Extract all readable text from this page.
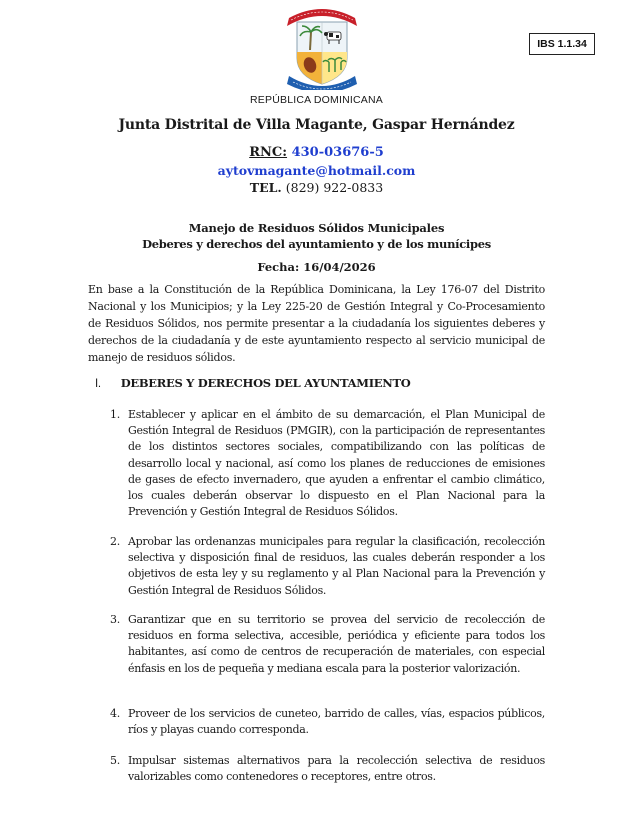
IBS 1.1.34
REPÚBLICA DOMINICANA
Junta Distrital de Villa Magante, Gaspar Hernández
RNC: 430-03676-5
aytovmagante@hotmail.com
TEL. (829) 922-0833
Manejo de Residuos Sólidos Municipales
Deberes y derechos del ayuntamiento y de los munícipes
Fecha: 16/04/2026
En base a la Constitución de la República Dominicana, la Ley 176-07 del Distrito Nacional y los Municipios; y la Ley 225-20 de Gestión Integral y Co-Procesamiento de Residuos Sólidos, nos permite presentar a la ciudadanía los siguientes deberes y derechos de la ciudadanía y de este ayuntamiento respecto al servicio municipal de manejo de residuos sólidos.
I. DEBERES Y DERECHOS DEL AYUNTAMIENTO
1. Establecer y aplicar en el ámbito de su demarcación, el Plan Municipal de Gestión Integral de Residuos (PMGIR), con la participación de representantes de los distintos sectores sociales, compatibilizando con las políticas de desarrollo local y nacional, así como los planes de reducciones de emisiones de gases de efecto invernadero, que ayuden a enfrentar el cambio climático, los cuales deberán observar lo dispuesto en el Plan Nacional para la Prevención y Gestión Integral de Residuos Sólidos.
2. Aprobar las ordenanzas municipales para regular la clasificación, recolección selectiva y disposición final de residuos, las cuales deberán responder a los objetivos de esta ley y su reglamento y al Plan Nacional para la Prevención y Gestión Integral de Residuos Sólidos.
3. Garantizar que en su territorio se provea del servicio de recolección de residuos en forma selectiva, accesible, periódica y eficiente para todos los habitantes, así como de centros de recuperación de materiales, con especial énfasis en los de pequeña y mediana escala para la posterior valorización.
4. Proveer de los servicios de cuneteo, barrido de calles, vías, espacios públicos, ríos y playas cuando corresponda.
5. Impulsar sistemas alternativos para la recolección selectiva de residuos valorizables como contenedores o receptores, entre otros.
